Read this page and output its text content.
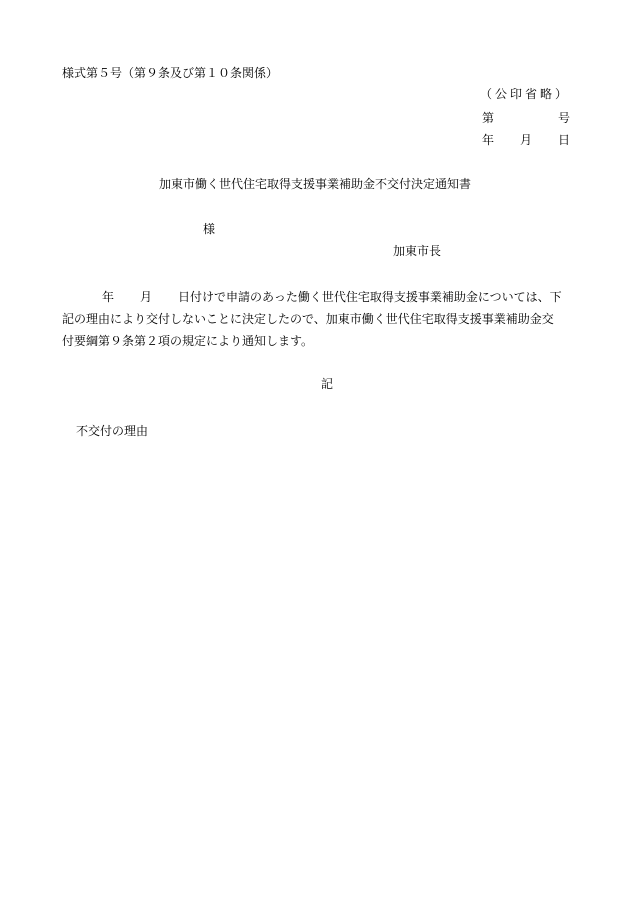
様式第５号（第９条及び第１０条関係）
（公印省略）
第	号
年 月 日
加東市働く世代住宅取得支援事業補助金不交付決定通知書
様
加東市長
年 月 日付けで申請のあった働く世代住宅取得支援事業補助金については、下
記の理由により交付しないことに決定したので、加東市働く世代住宅取得支援事業補助金交
付要綱第９条第２項の規定により通知します。
記
不交付の理由
